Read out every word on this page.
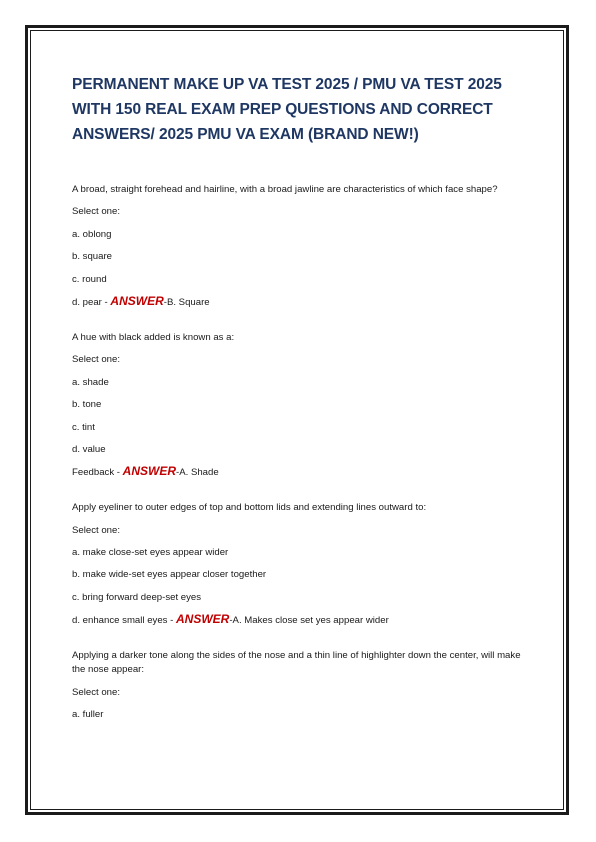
PERMANENT MAKE UP VA TEST 2025 / PMU VA TEST 2025 WITH 150 REAL EXAM PREP QUESTIONS AND CORRECT ANSWERS/ 2025 PMU VA EXAM (BRAND NEW!)

A broad, straight forehead and hairline, with a broad jawline are characteristics of which face shape?

Select one:

a. oblong

b. square

c. round

d. pear - ANSWER-B. Square

A hue with black added is known as a:

Select one:

a. shade

b. tone

c. tint

d. value

Feedback - ANSWER-A. Shade

Apply eyeliner to outer edges of top and bottom lids and extending lines outward to:

Select one:

a. make close-set eyes appear wider

b. make wide-set eyes appear closer together

c. bring forward deep-set eyes

d. enhance small eyes - ANSWER-A. Makes close set yes appear wider

Applying a darker tone along the sides of the nose and a thin line of highlighter down the center, will make the nose appear:

Select one:

a. fuller
